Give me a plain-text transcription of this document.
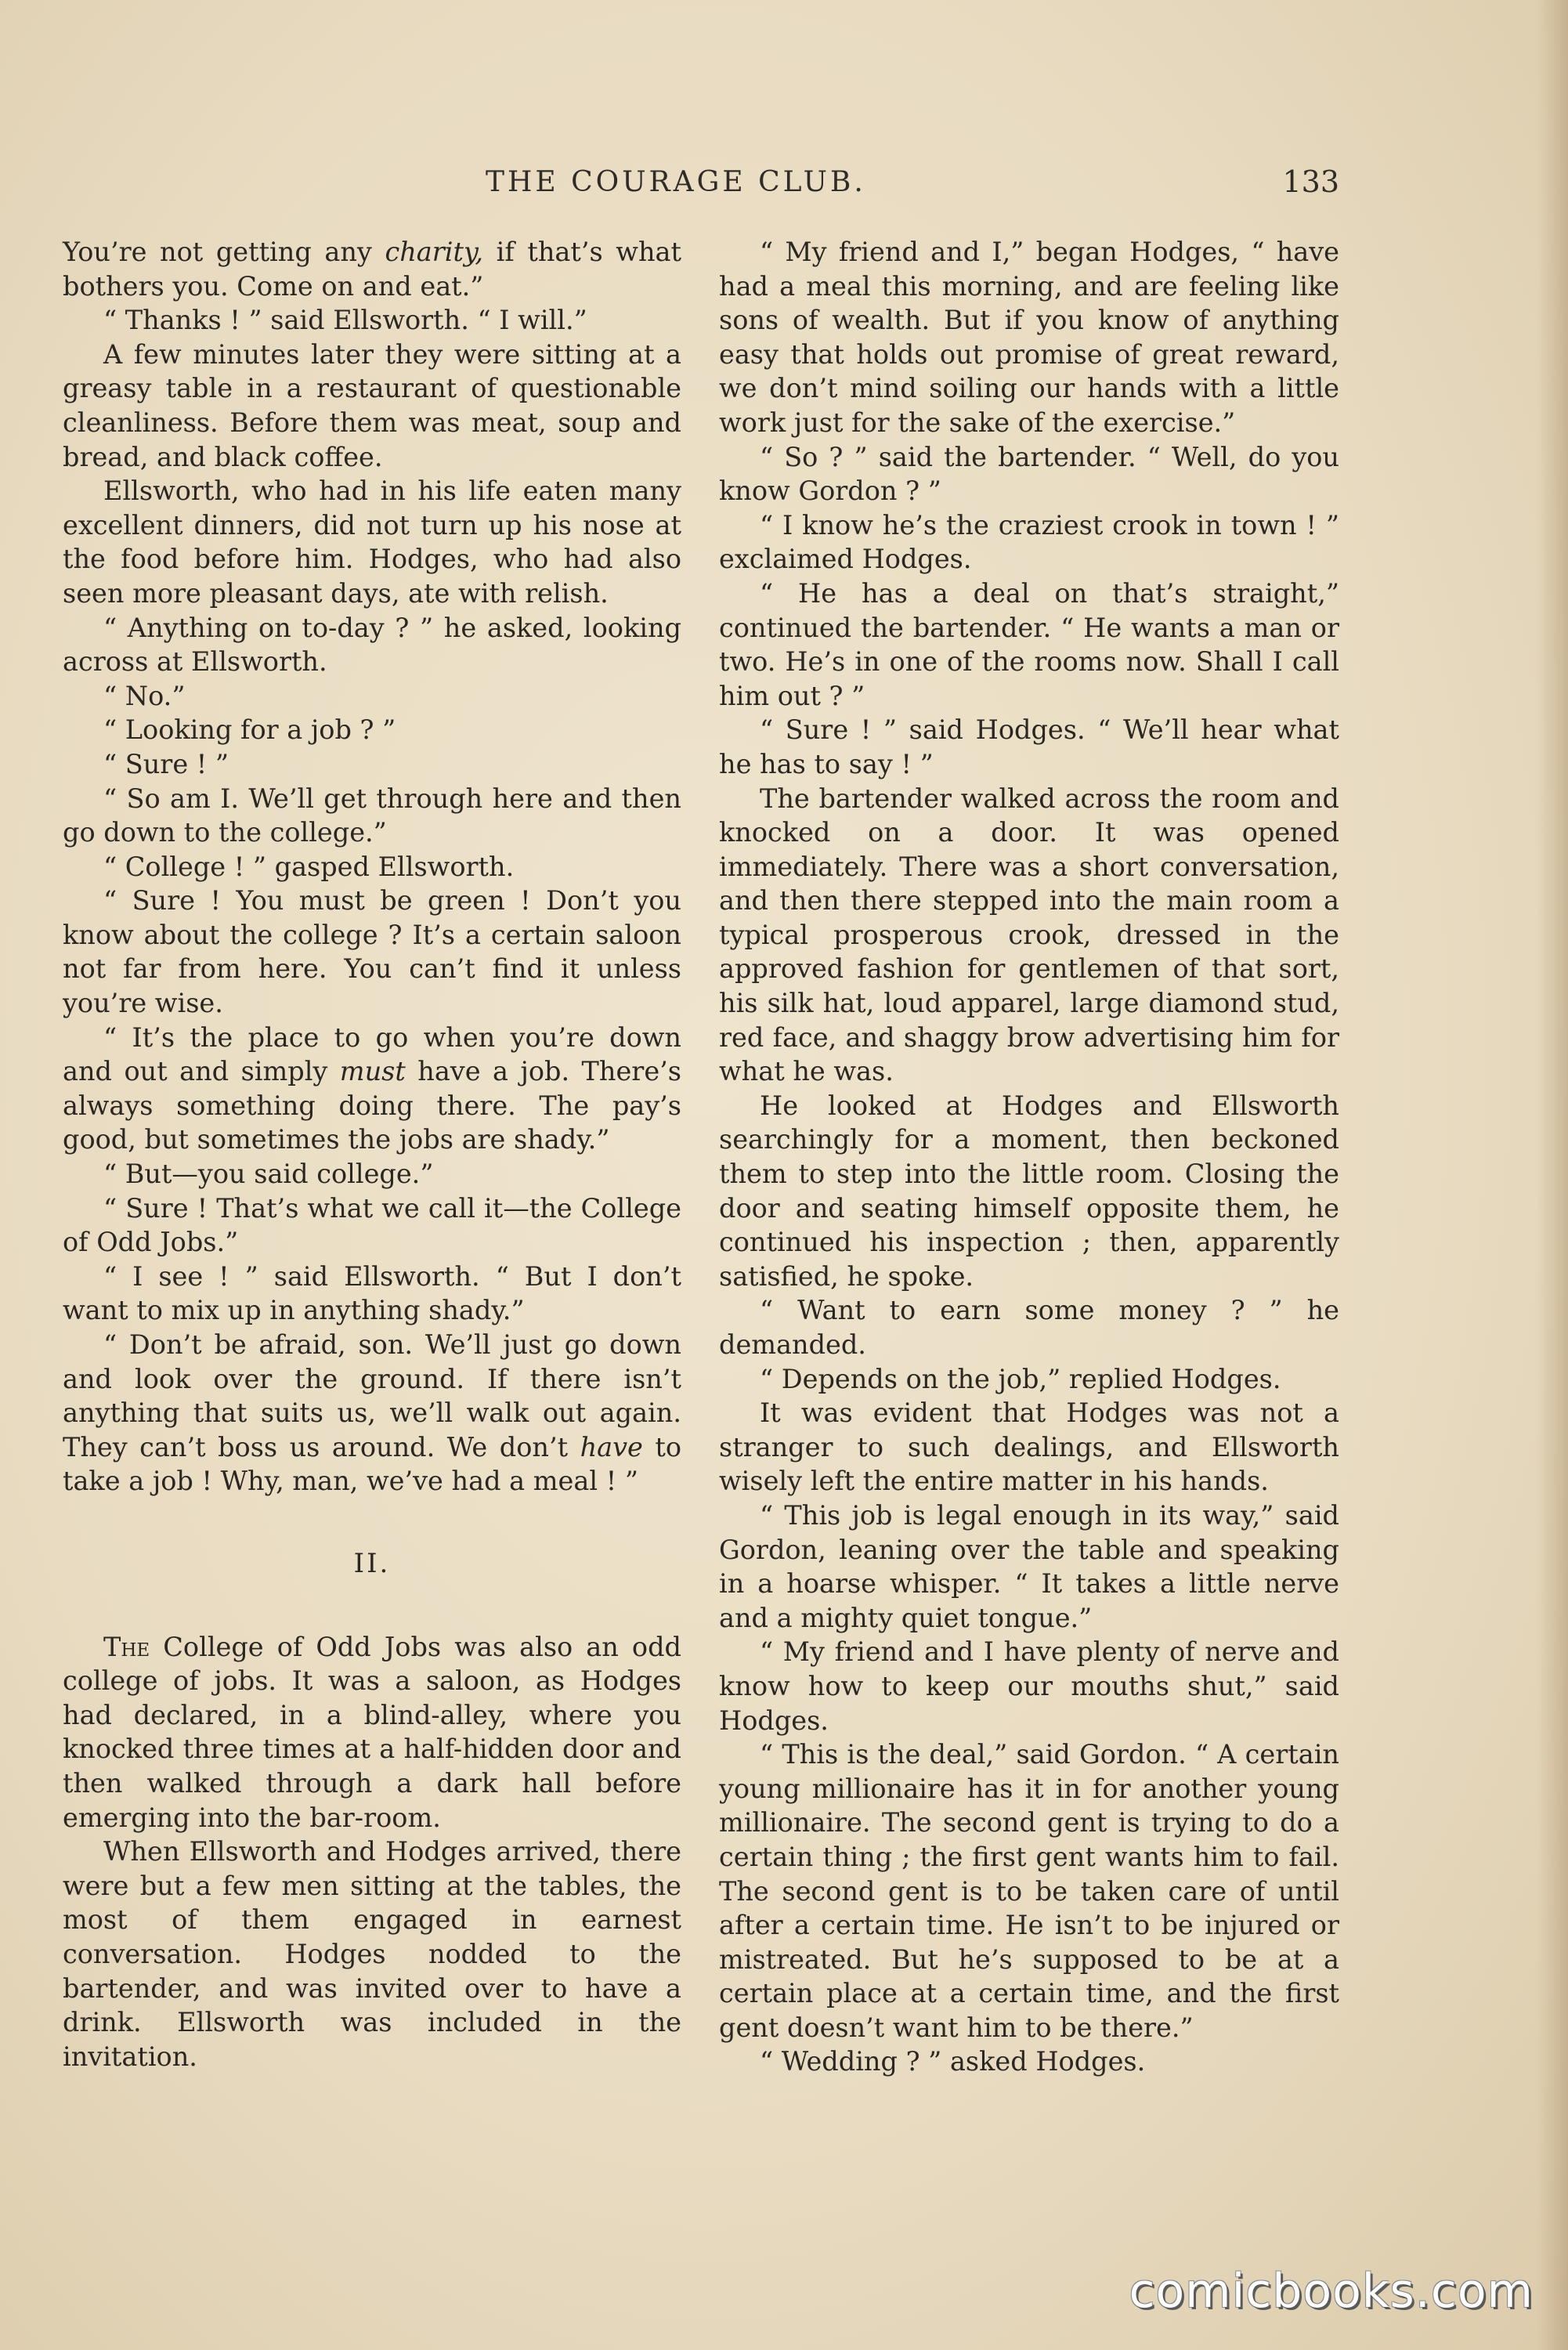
THE COURAGE CLUB.	133

You’re not getting any charity, if that’s what bothers you. Come on and eat.”

“ Thanks ! ” said Ellsworth. “ I will.”

A few minutes later they were sitting at a greasy table in a restaurant of questionable cleanliness. Before them was meat, soup and bread, and black coffee.

Ellsworth, who had in his life eaten many excellent dinners, did not turn up his nose at the food before him. Hodges, who had also seen more pleasant days, ate with relish.

“ Anything on to-day ? ” he asked, looking across at Ellsworth.

“ No.”

“ Looking for a job ? ”

“ Sure ! ”

“ So am I. We’ll get through here and then go down to the college.”

“ College ! ” gasped Ellsworth.

“ Sure ! You must be green ! Don’t you know about the college ? It’s a certain saloon not far from here. You can’t find it unless you’re wise.

“ It’s the place to go when you’re down and out and simply must have a job. There’s always something doing there. The pay’s good, but sometimes the jobs are shady.”

“ But—you said college.”

“ Sure ! That’s what we call it—the College of Odd Jobs.”

“ I see ! ” said Ellsworth. “ But I don’t want to mix up in anything shady.”

“ Don’t be afraid, son. We’ll just go down and look over the ground. If there isn’t anything that suits us, we’ll walk out again. They can’t boss us around. We don’t have to take a job ! Why, man, we’ve had a meal ! ”

II.

The College of Odd Jobs was also an odd college of jobs. It was a saloon, as Hodges had declared, in a blind-alley, where you knocked three times at a half-hidden door and then walked through a dark hall before emerging into the bar-room.

When Ellsworth and Hodges arrived, there were but a few men sitting at the tables, the most of them engaged in earnest conversation. Hodges nodded to the bartender, and was invited over to have a drink. Ellsworth was included in the invitation.

“ My friend and I,” began Hodges, “ have had a meal this morning, and are feeling like sons of wealth. But if you know of anything easy that holds out promise of great reward, we don’t mind soiling our hands with a little work just for the sake of the exercise.”

“ So ? ” said the bartender. “ Well, do you know Gordon ? ”

“ I know he’s the craziest crook in town ! ” exclaimed Hodges.

“ He has a deal on that’s straight,” continued the bartender. “ He wants a man or two. He’s in one of the rooms now. Shall I call him out ? ”

“ Sure ! ” said Hodges. “ We’ll hear what he has to say ! ”

The bartender walked across the room and knocked on a door. It was opened immediately. There was a short conversation, and then there stepped into the main room a typical prosperous crook, dressed in the approved fashion for gentlemen of that sort, his silk hat, loud apparel, large diamond stud, red face, and shaggy brow advertising him for what he was.

He looked at Hodges and Ellsworth searchingly for a moment, then beckoned them to step into the little room. Closing the door and seating himself opposite them, he continued his inspection ; then, apparently satisfied, he spoke.

“ Want to earn some money ? ” he demanded.

“ Depends on the job,” replied Hodges.

It was evident that Hodges was not a stranger to such dealings, and Ellsworth wisely left the entire matter in his hands.

“ This job is legal enough in its way,” said Gordon, leaning over the table and speaking in a hoarse whisper. “ It takes a little nerve and a mighty quiet tongue.”

“ My friend and I have plenty of nerve and know how to keep our mouths shut,” said Hodges.

“ This is the deal,” said Gordon. “ A certain young millionaire has it in for another young millionaire. The second gent is trying to do a certain thing ; the first gent wants him to fail. The second gent is to be taken care of until after a certain time. He isn’t to be injured or mistreated. But he’s supposed to be at a certain place at a certain time, and the first gent doesn’t want him to be there.”

“ Wedding ? ” asked Hodges.

comicbooks.com
